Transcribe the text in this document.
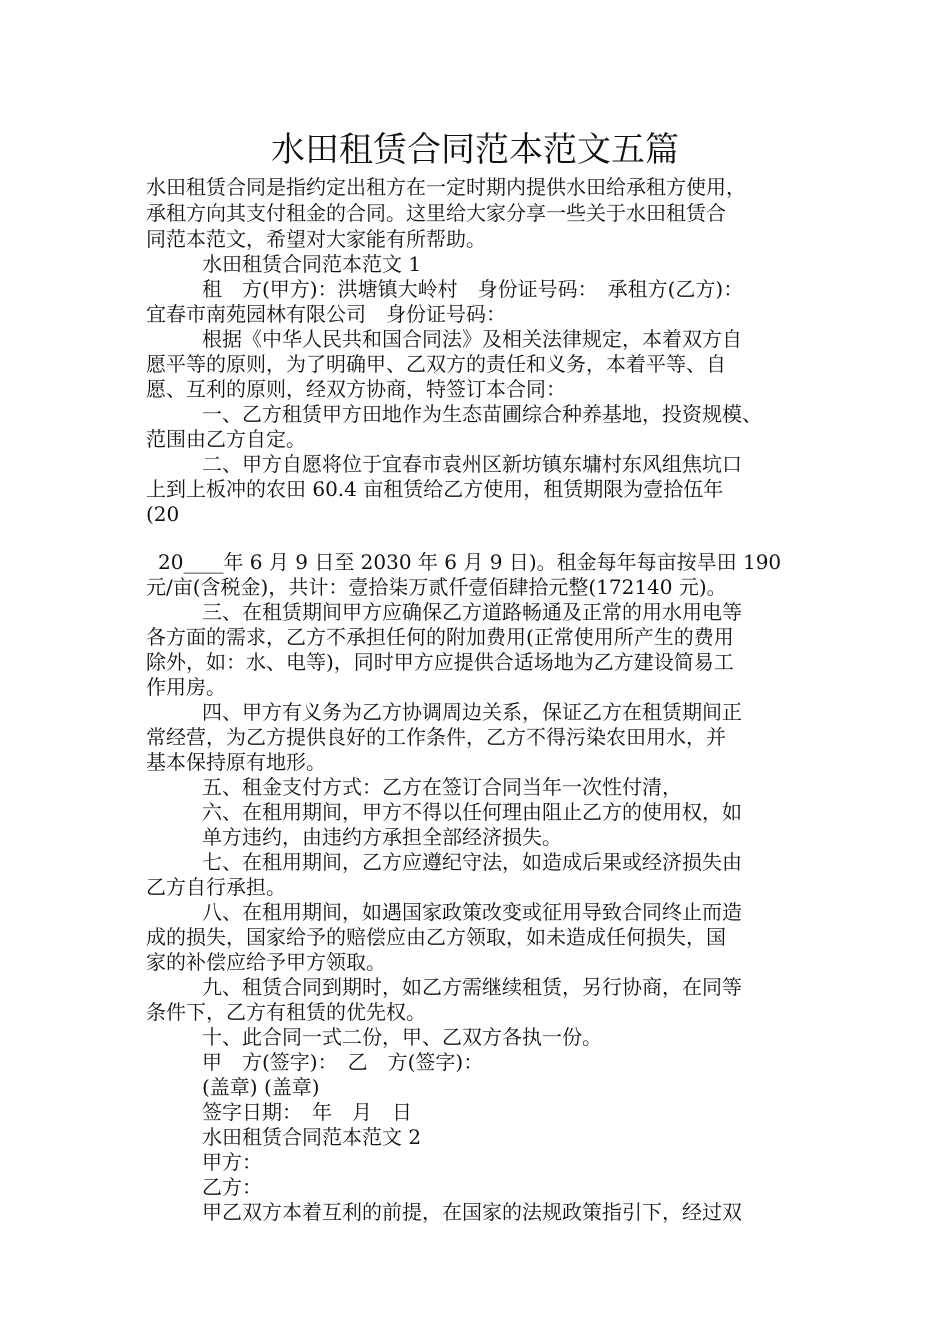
水田租赁合同范本范文五篇
水田租赁合同是指约定出租方在一定时期内提供水田给承租方使用，
承租方向其支付租金的合同。这里给大家分享一些关于水田租赁合
同范本范文，希望对大家能有所帮助。
水田租赁合同范本范文 1
租　方(甲方)：洪塘镇大岭村　身份证号码：　承租方(乙方)：
宜春市南苑园林有限公司　身份证号码：
根据《中华人民共和国合同法》及相关法律规定，本着双方自
愿平等的原则，为了明确甲、乙双方的责任和义务，本着平等、自
愿、互利的原则，经双方协商，特签订本合同：
一、乙方租赁甲方田地作为生态苗圃综合种养基地，投资规模、
范围由乙方自定。
二、甲方自愿将位于宜春市袁州区新坊镇东墉村东风组焦坑口
上到上板冲的农田 60.4 亩租赁给乙方使用，租赁期限为壹拾伍年
(20
20____年 6 月 9 日至 2030 年 6 月 9 日)。租金每年每亩按旱田 190
元/亩(含税金)，共计：壹拾柒万贰仟壹佰肆拾元整(172140 元)。
三、在租赁期间甲方应确保乙方道路畅通及正常的用水用电等
各方面的需求，乙方不承担任何的附加费用(正常使用所产生的费用
除外，如：水、电等)，同时甲方应提供合适场地为乙方建设简易工
作用房。
四、甲方有义务为乙方协调周边关系，保证乙方在租赁期间正
常经营，为乙方提供良好的工作条件，乙方不得污染农田用水，并
基本保持原有地形。
五、租金支付方式：乙方在签订合同当年一次性付清，
六、在租用期间，甲方不得以任何理由阻止乙方的使用权，如
单方违约，由违约方承担全部经济损失。
七、在租用期间，乙方应遵纪守法，如造成后果或经济损失由
乙方自行承担。
八、在租用期间，如遇国家政策改变或征用导致合同终止而造
成的损失，国家给予的赔偿应由乙方领取，如未造成任何损失，国
家的补偿应给予甲方领取。
九、租赁合同到期时，如乙方需继续租赁，另行协商，在同等
条件下，乙方有租赁的优先权。
十、此合同一式二份，甲、乙双方各执一份。
甲　方(签字)：　乙　方(签字)：
(盖章) (盖章)
签字日期：　年　月　日
水田租赁合同范本范文 2
甲方：
乙方：
甲乙双方本着互利的前提，在国家的法规政策指引下，经过双
